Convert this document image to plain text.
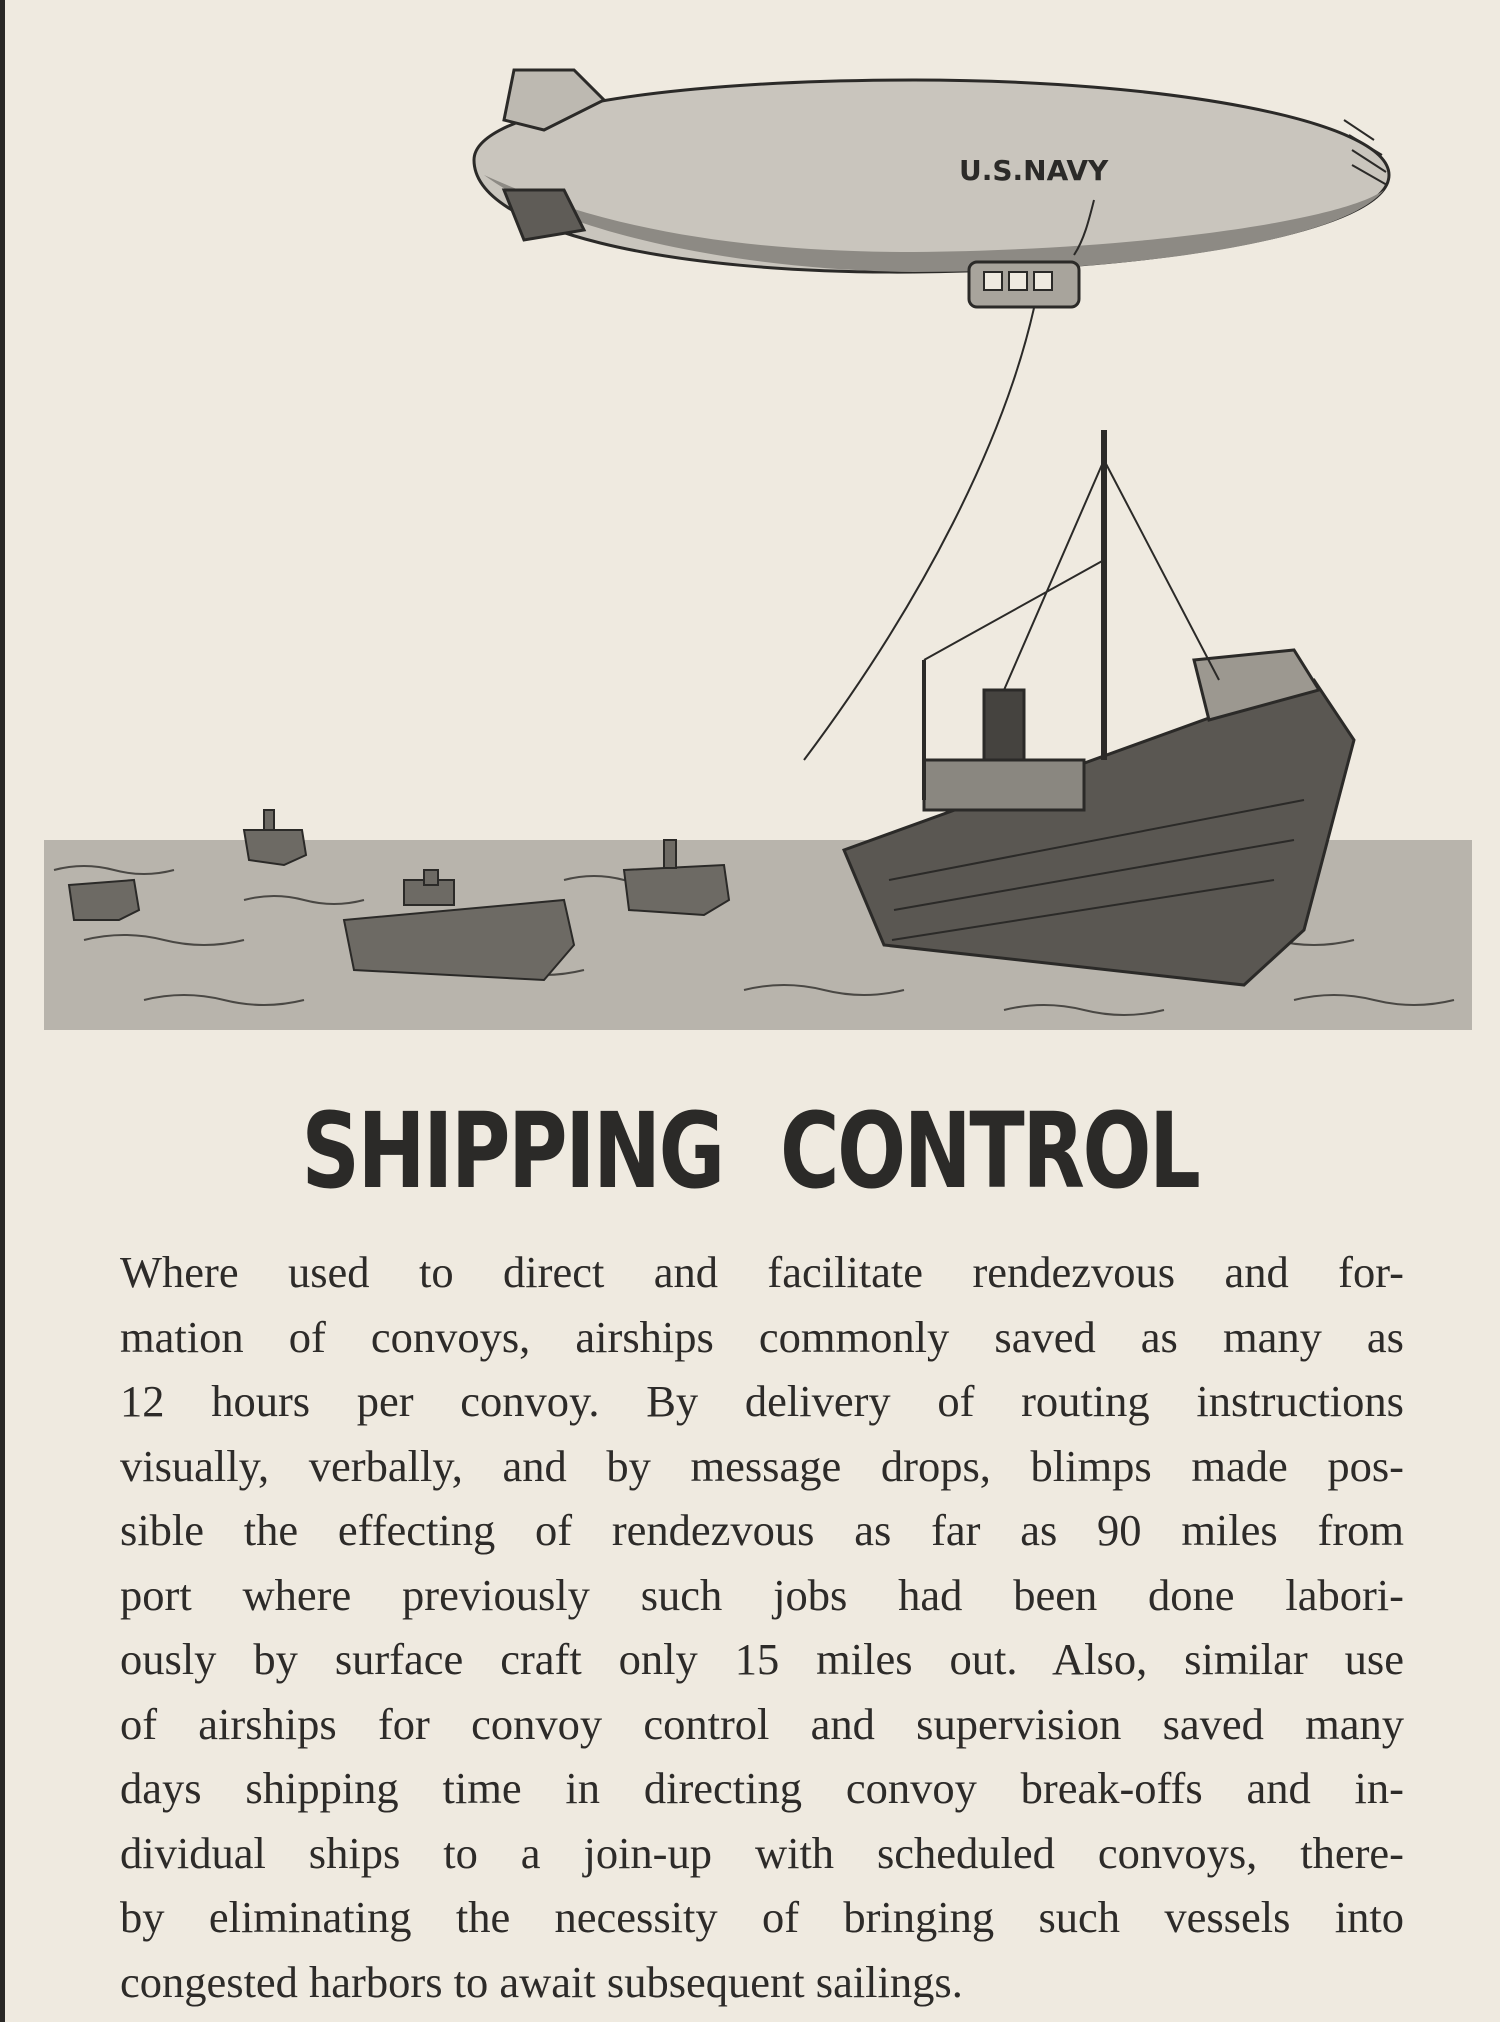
U.S.NAVY
SHIPPING CONTROL
Where used to direct and facilitate rendezvous and for-
mation of convoys, airships commonly saved as many as
12 hours per convoy. By delivery of routing instructions
visually, verbally, and by message drops, blimps made pos-
sible the effecting of rendezvous as far as 90 miles from
port where previously such jobs had been done labori-
ously by surface craft only 15 miles out. Also, similar use
of airships for convoy control and supervision saved many
days shipping time in directing convoy break-offs and in-
dividual ships to a join-up with scheduled convoys, there-
by eliminating the necessity of bringing such vessels into
congested harbors to await subsequent sailings.
